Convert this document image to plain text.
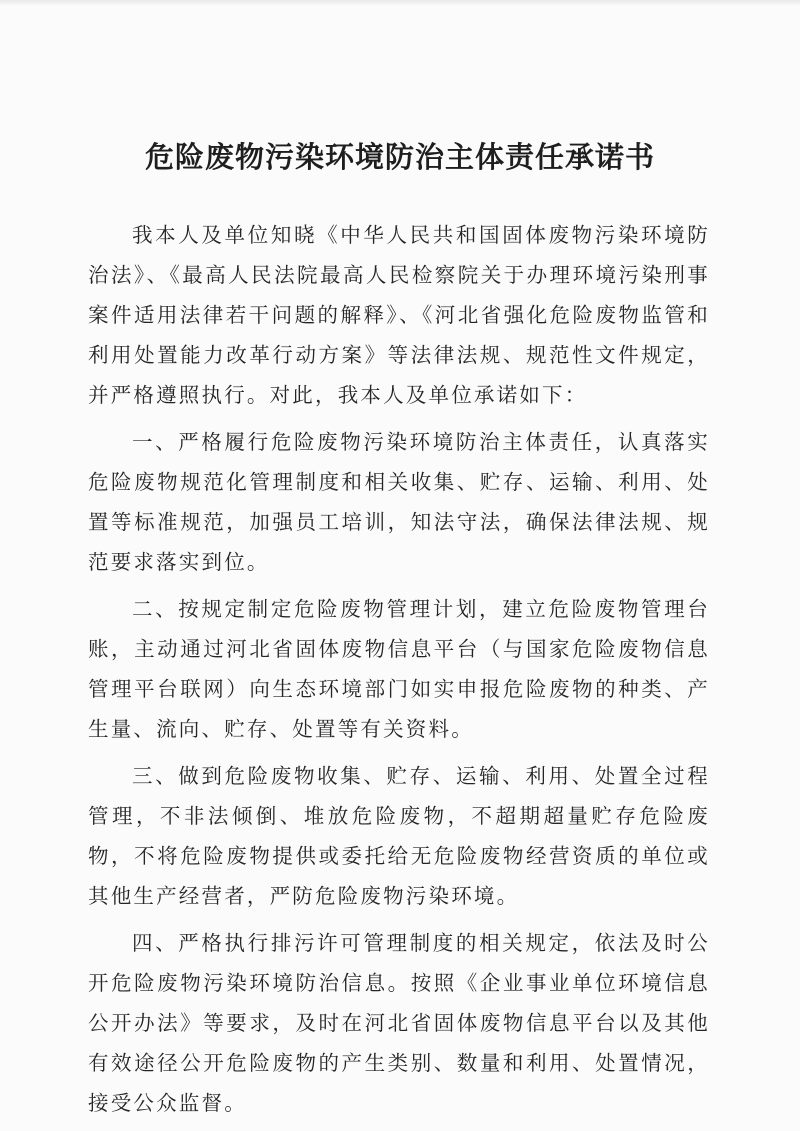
危险废物污染环境防治主体责任承诺书

我本人及单位知晓《中华人民共和国固体废物污染环境防治法》、《最高人民法院最高人民检察院关于办理环境污染刑事案件适用法律若干问题的解释》、《河北省强化危险废物监管和利用处置能力改革行动方案》等法律法规、规范性文件规定，并严格遵照执行。对此，我本人及单位承诺如下：

一、严格履行危险废物污染环境防治主体责任，认真落实危险废物规范化管理制度和相关收集、贮存、运输、利用、处置等标准规范，加强员工培训，知法守法，确保法律法规、规范要求落实到位。

二、按规定制定危险废物管理计划，建立危险废物管理台账，主动通过河北省固体废物信息平台（与国家危险废物信息管理平台联网）向生态环境部门如实申报危险废物的种类、产生量、流向、贮存、处置等有关资料。

三、做到危险废物收集、贮存、运输、利用、处置全过程管理，不非法倾倒、堆放危险废物，不超期超量贮存危险废物，不将危险废物提供或委托给无危险废物经营资质的单位或其他生产经营者，严防危险废物污染环境。

四、严格执行排污许可管理制度的相关规定，依法及时公开危险废物污染环境防治信息。按照《企业事业单位环境信息公开办法》等要求，及时在河北省固体废物信息平台以及其他有效途径公开危险废物的产生类别、数量和利用、处置情况，接受公众监督。
